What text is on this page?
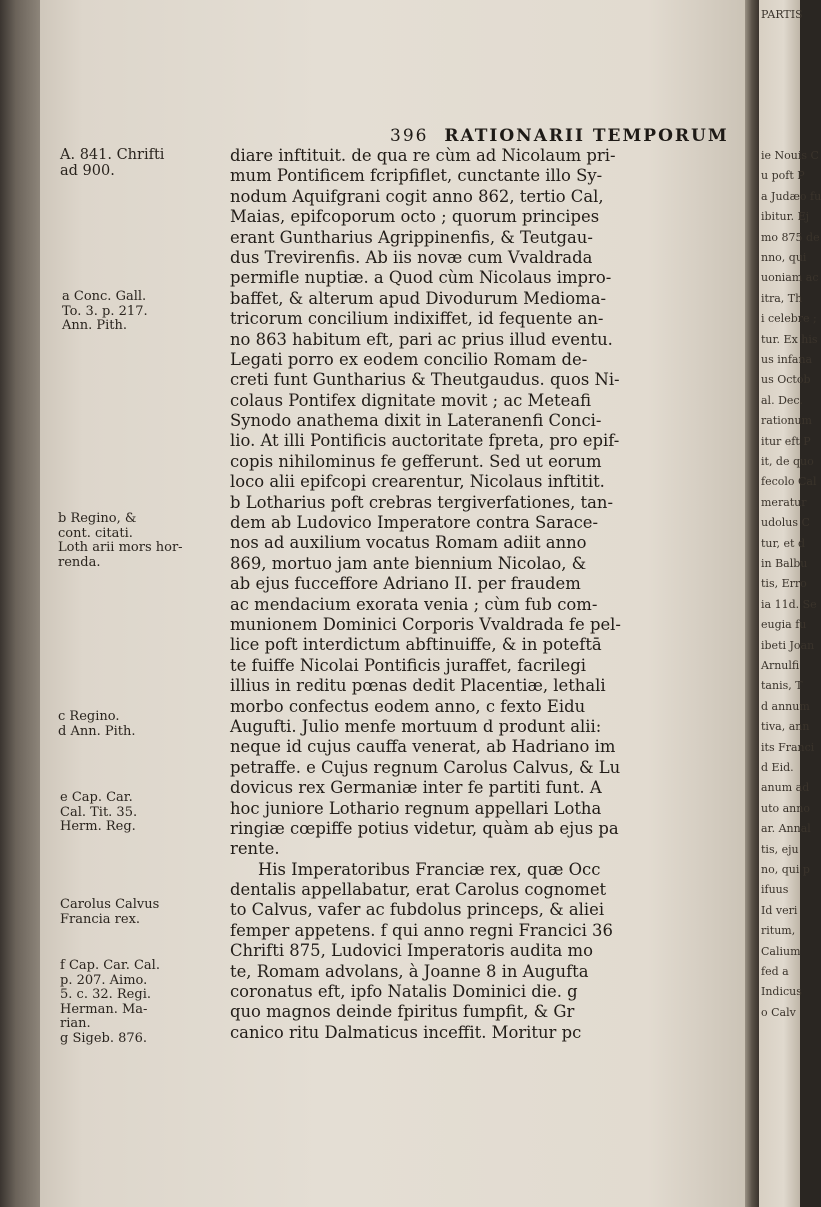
396 RATIONARII TEMPORUM
diare inftituit. de qua re cùm ad Nicolaum pri-
mum Pontificem fcripfiflet, cunctante illo Sy-
nodum Aquifgrani cogit anno 862, tertio Cal,
Maias, epifcoporum octo ; quorum principes
erant Guntharius Agrippinenfis, & Teutgau-
dus Trevirenfis. Ab iis novæ cum Vvaldrada
permifle nuptiæ. a Quod cùm Nicolaus impro-
baffet, & alterum apud Divodurum Medioma-
tricorum concilium indixiffet, id fequente an-
no 863 habitum eft, pari ac prius illud eventu.
Legati porro ex eodem concilio Romam de-
creti funt Guntharius & Theutgaudus. quos Ni-
colaus Pontifex dignitate movit ; ac Meteafi
Synodo anathema dixit in Lateranenfi Conci-
lio. At illi Pontificis auctoritate fpreta, pro epif-
copis nihilominus fe gefferunt. Sed ut eorum
loco alii epifcopi crearentur, Nicolaus inftitit.
b Lotharius poft crebras tergiverfationes, tan-
dem ab Ludovico Imperatore contra Sarace-
nos ad auxilium vocatus Romam adiit anno
869, mortuo jam ante biennium Nicolao, &
ab ejus fucceffore Adriano II. per fraudem
ac mendacium exorata venia ; cùm fub com-
munionem Dominici Corporis Vvaldrada fe pel-
lice poft interdictum abftinuiffe, & in poteftā
te fuiffe Nicolai Pontificis juraffet, facrilegi
illius in reditu pœnas dedit Placentiæ, lethali
morbo confectus eodem anno, c fexto Eidu
Augufti. Julio menfe mortuum d produnt alii:
neque id cujus cauffa venerat, ab Hadriano im
petraffe. e Cujus regnum Carolus Calvus, & Lu
dovicus rex Germaniæ inter fe partiti funt. A
hoc juniore Lothario regnum appellari Lotha
ringiæ cœpiffe potius videtur, quàm ab ejus pa
rente.
His Imperatoribus Franciæ rex, quæ Occ
dentalis appellabatur, erat Carolus cognomet
to Calvus, vafer ac fubdolus princeps, & aliei
femper appetens. f qui anno regni Francici 36
Chrifti 875, Ludovici Imperatoris audita mo
te, Romam advolans, à Joanne 8 in Augufta
coronatus eft, ipfo Natalis Dominici die. g
quo magnos deinde fpiritus fumpfit, & Gr
canico ritu Dalmaticus inceffit. Moritur pc
A. 841. Chrifti
ad 900.
a Conc. Gall.
To. 3. p. 217.
Ann. Pith.
b Regino, &
cont. citati.
Loth arii mors hor-
renda.
c Regino.
d Ann. Pith.
e Cap. Car.
Cal. Tit. 35.
Herm. Reg.
Carolus Calvus
Francia rex.
f Cap. Car. Cal.
p. 207. Aimo.
5. c. 32. Regi.
Herman. Ma-
rian.
g Sigeb. 876.
PARTIS
ie Nouis C
u poft P
a Judæo fu
ibitur. Ej
mo 875 de
nno, qui
uoniam ac
itra, Th
i celebre ;
tur. Ex his
us infana
us Octob
al. Dec.
rationum
itur eft P
it, de quo
fecolo Cal
meratur
udolus C
tur, et d
in Balbu
tis, Erro
ia 11d. Se
eugia fu
ibeti Joan
Arnulfi
tanis, T
d annum
tiva, ann
its Franci
d Eid.
anum ad
uto anno
ar. Annal
tis, eju
no, qui p
ifuus
Id veri
ritum,
Calium
fed a
Indicus
o Calv
